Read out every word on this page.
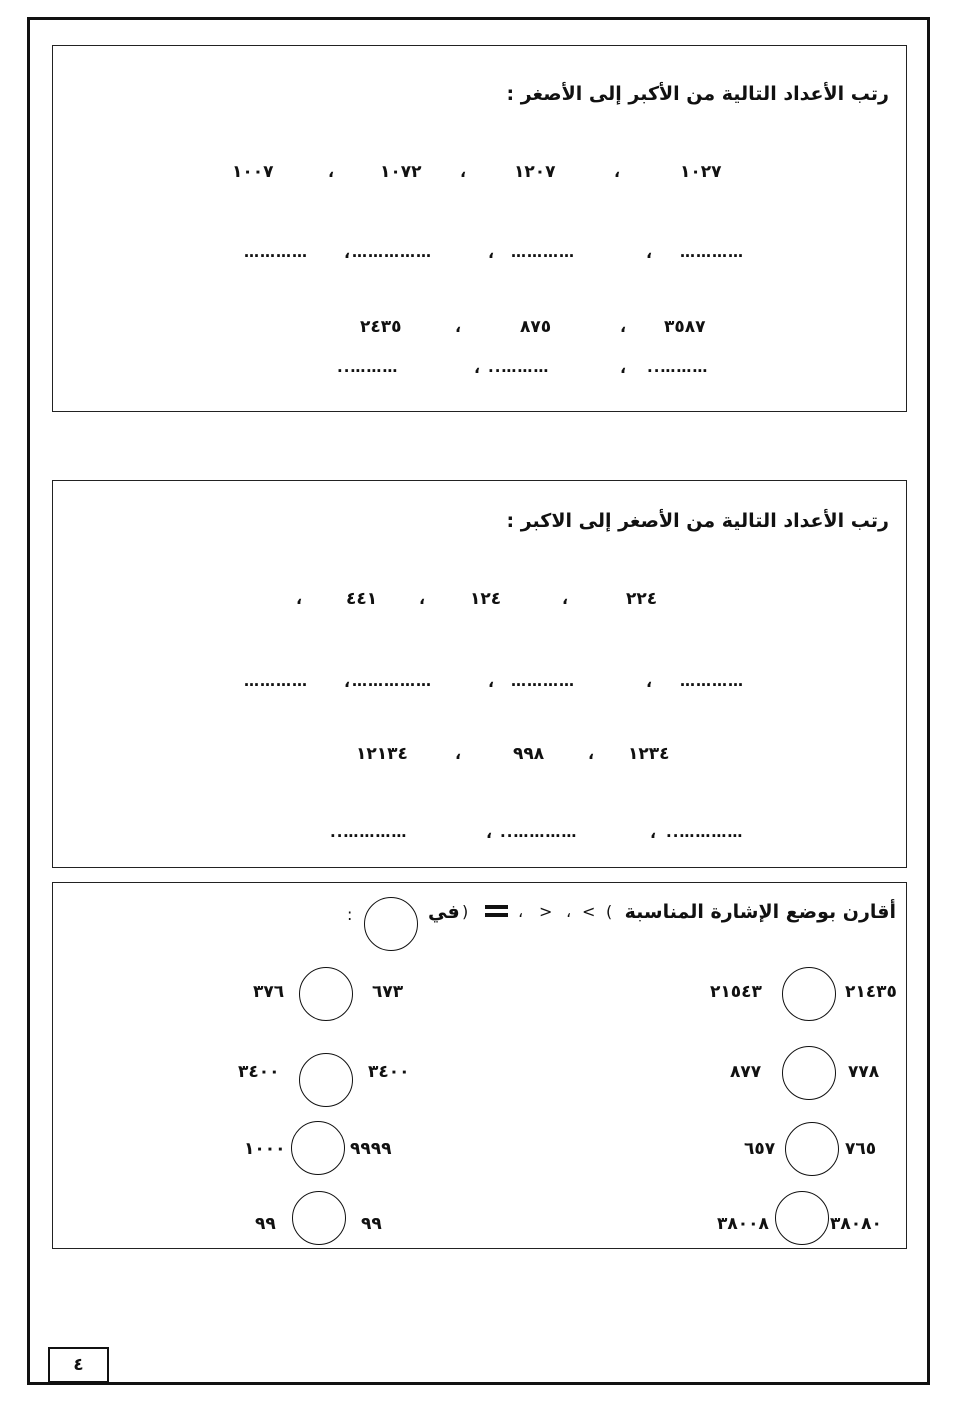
رتب الأعداد التالية من الأكبر إلى الأصغر :
١٠٢٧
،
١٢٠٧
،
١٠٧٢
،
١٠٠٧
…………
،
…………
،
……………
،
…………
٣٥٨٧
،
٨٧٥
،
٢٤٣٥
..………
،
..………
،
..………
رتب الأعداد التالية من الأصغر إلى الاكبر :
٢٢٤
،
١٢٤
،
٤٤١
،
…………
،
…………
،
……………
،
…………
١٢٣٤
،
٩٩٨
،
١٢١٣٤
..…………
،
..…………
،
..…………
أقارن بوضع الإشارة المناسبة
(
<
،
>
،
)
في
:
٢١٤٣٥
٢١٥٤٣
٧٧٨
٨٧٧
٧٦٥
٦٥٧
٣٨٠٨٠
٣٨٠٠٨
٦٧٣
٣٧٦
٣٤٠٠
٣٤٠٠
٩٩٩٩
١٠٠٠
٩٩
٩٩
٤
